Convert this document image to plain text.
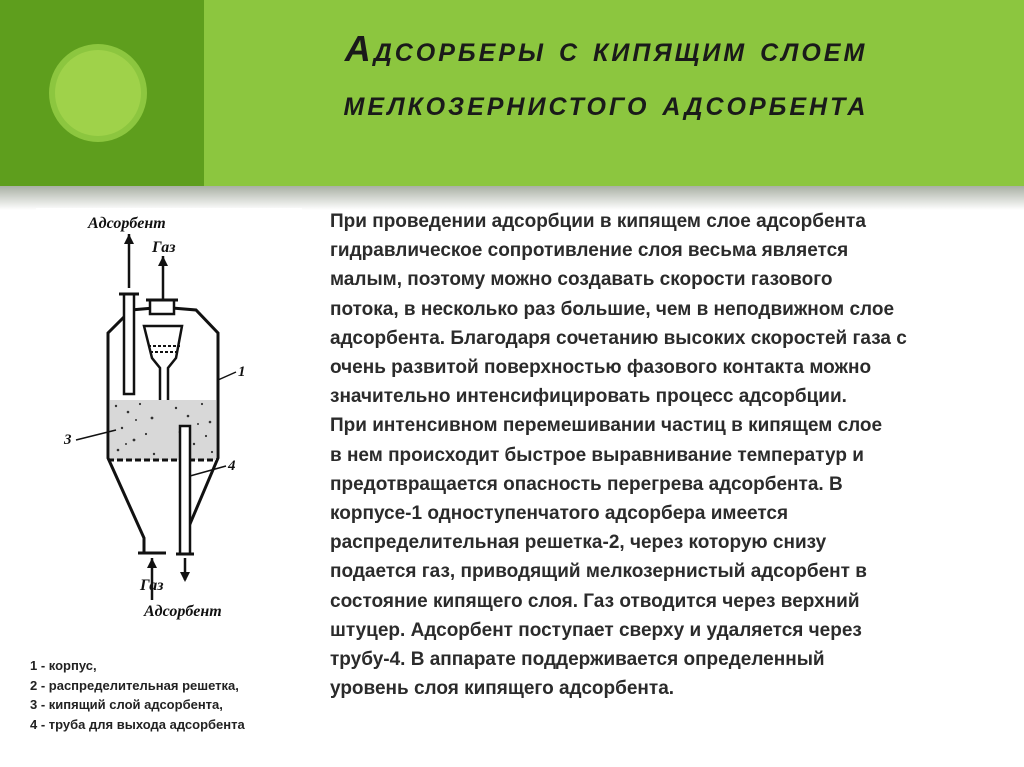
Адсорберы с кипящим слоем
мелкозернистого адсорбента
Адсорбент
Газ
Газ
Адсорбент
1
3
4
1 - корпус,
2 - распределительная решетка,
3 - кипящий слой адсорбента,
4 - труба для выхода адсорбента
При проведении адсорбции в кипящем слое адсорбента
гидравлическое сопротивление слоя весьма является
малым, поэтому можно создавать скорости газового
потока, в несколько раз большие, чем в неподвижном слое
адсорбента. Благодаря сочетанию высоких скоростей газа с
очень развитой поверхностью фазового контакта можно
значительно интенсифицировать процесс адсорбции.
При интенсивном перемешивании частиц в кипящем слое
в нем происходит быстрое выравнивание температур и
предотвращается опасность перегрева адсорбента. В
корпусе-1 одноступенчатого адсорбера имеется
распределительная решетка-2, через которую снизу
подается газ, приводящий мелкозернистый адсорбент в
состояние кипящего слоя. Газ отводится через верхний
штуцер. Адсорбент поступает сверху и удаляется через
трубу-4. В аппарате поддерживается определенный
уровень слоя кипящего адсорбента.
